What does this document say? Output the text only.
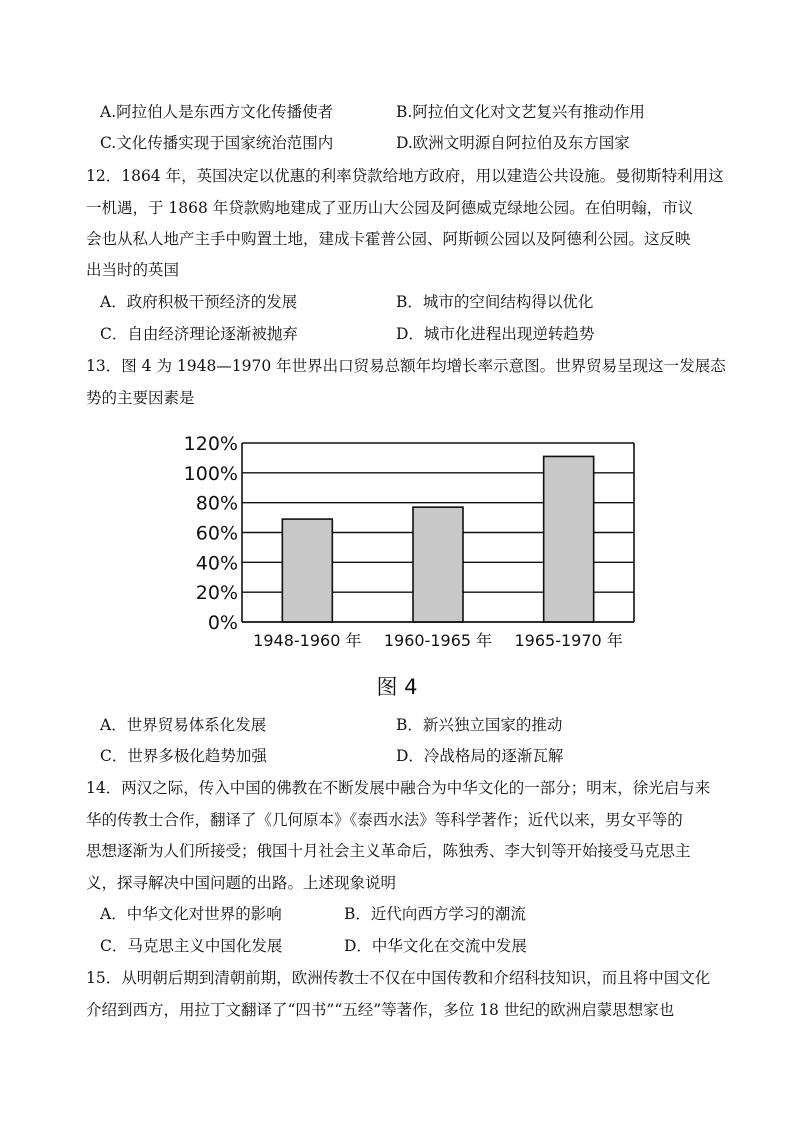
A.阿拉伯人是东西方文化传播使者	B.阿拉伯文化对文艺复兴有推动作用
C.文化传播实现于国家统治范围内	D.欧洲文明源自阿拉伯及东方国家
12．1864 年，英国决定以优惠的利率贷款给地方政府，用以建造公共设施。曼彻斯特利用这
一机遇，于 1868 年贷款购地建成了亚历山大公园及阿德威克绿地公园。在伯明翰，市议
会也从私人地产主手中购置土地，建成卡霍普公园、阿斯顿公园以及阿德利公园。这反映
出当时的英国
A．政府积极干预经济的发展	B．城市的空间结构得以优化
C．自由经济理论逐渐被抛弃	D．城市化进程出现逆转趋势
13．图 4 为 1948—1970 年世界出口贸易总额年均增长率示意图。世界贸易呈现这一发展态
势的主要因素是
0%
20%
40%
60%
80%
100%
120%
1948-1960 年 1960-1965 年 1965-1970 年
图 4
A．世界贸易体系化发展	B．新兴独立国家的推动
C．世界多极化趋势加强	D．冷战格局的逐渐瓦解
14．两汉之际，传入中国的佛教在不断发展中融合为中华文化的一部分；明末，徐光启与来
华的传教士合作，翻译了《几何原本》《泰西水法》等科学著作；近代以来，男女平等的
思想逐渐为人们所接受；俄国十月社会主义革命后，陈独秀、李大钊等开始接受马克思主
义，探寻解决中国问题的出路。上述现象说明
A．中华文化对世界的影响	B．近代向西方学习的潮流
C．马克思主义中国化发展	D．中华文化在交流中发展
15．从明朝后期到清朝前期，欧洲传教士不仅在中国传教和介绍科技知识，而且将中国文化
介绍到西方，用拉丁文翻译了“四书”“五经”等著作，多位 18 世纪的欧洲启蒙思想家也
